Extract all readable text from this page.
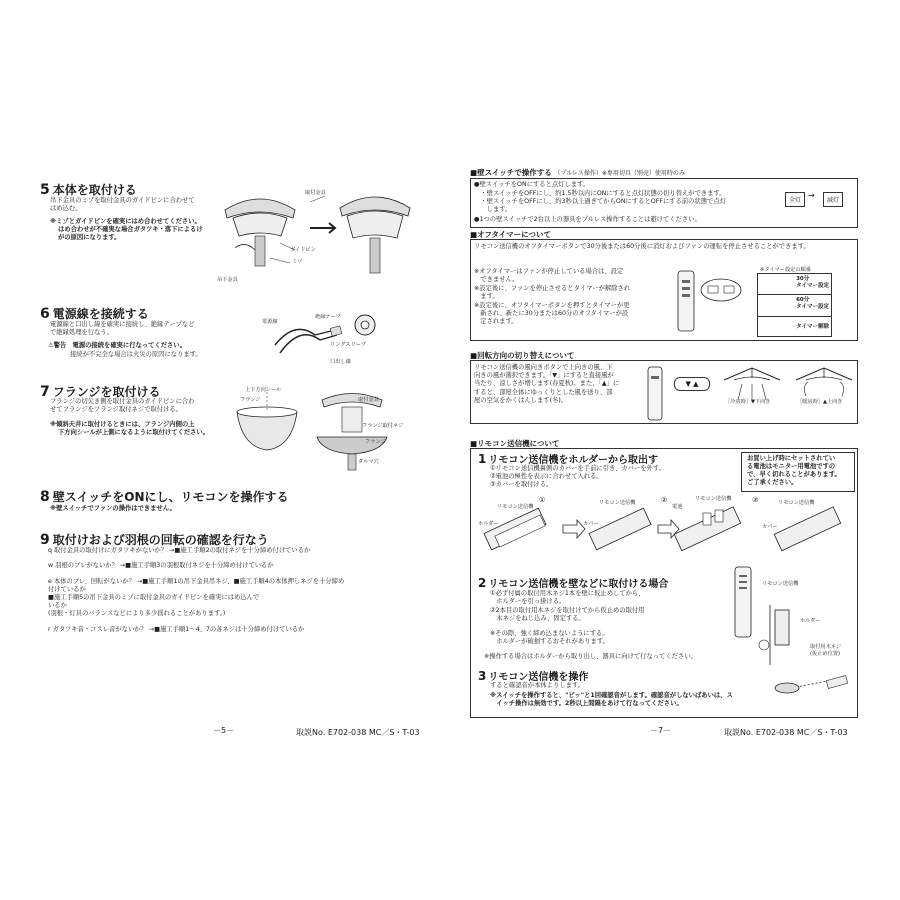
5 本体を取付ける
吊下金具のミゾを取付金具のガイドピンに合わせて
はめ込む。
※ミゾとガイドピンを確実にはめ合わせてください。
はめ合わせが不確実な場合ガタツキ・落下によるけ
がの原因になります。
取付金具
ガイドピン
ミゾ
吊下金具
6 電源線を接続する
電源線と口出し線を確実に接続し、絶縁テープなど
で絶縁処理を行なう。
⚠警告　電源の接続を確実に行なってください。
接続が不完全な場合は火災の原因になります。
電源線
絶縁テープ
リングスリーブ
口出し線
7 フランジを取付ける
フランジの切欠き側を取付金具のガイドピンに合わ
せてフランジをフランジ取付ネジで取付ける。
※傾斜天井に取付けるときには、フランジ内側の上
下方向シールが上側になるように取付けてください。
上下方向シール
フランジ	取付金具
フランジ取付ネジ
フランジ
ダルマ穴
8 壁スイッチをONにし、リモコンを操作する
※壁スイッチでファンの操作はできません。
9 取付けおよび羽根の回転の確認を行なう
q 取付金具の取付けにガタツキがないか？ →■施工手順2の取付ネジを十分締め付けているか
w 羽根のブレがないか？ →■施工手順3の羽根取付ネジを十分締め付けているか
e 本体のブレ、回転がないか？ →■施工手順1の吊下金具吊ネジ、■施工手順4の本体押しネジを十分締め
付けているか
■施工手順5の吊下金具のミゾに取付金具のガイドピンを確実にはめ込んで
いるか
(羽根・灯具のバランスなどにより多少揺れることがあります。)
r ガタツキ音・コスレ音がないか？ →■施工手順1～4、7の各ネジは十分締め付けているか
－5－	取説No. E702-038 MC／S・T-03
■壁スイッチで操作する （プルレス操作）※専用切具（別売）使用時のみ
●壁スイッチをONにすると点灯します。
　・壁スイッチをOFFにし、約1.5秒以内にONにすると点灯状態の切り替えができます。
　・壁スイッチをOFFにし、約3秒以上過ぎてからONにするとOFFにする前の状態で点灯
　　します。
●1つの壁スイッチで2台以上の器具をプルレス操作することは避けてください。
全灯
→
減灯
■オフタイマーについて
リモコン送信機のオフタイマーボタンで30分後または60分後に消灯およびファンの運転を停止させることができます。
※オフタイマーはファンが停止している場合は、設定
　できません。
※設定後に、ファンを停止させるとタイマーが解除され
　ます。
※設定後に、オフタイマーボタンを押すとタイマーが更
　新され、新たに30分または60分のオフタイマーが設
　定されます。
※タイマー設定の順番
30分
タイマー設定
60分
タイマー設定
タイマー解除
■回転方向の切り替えについて
リモコン送信機の風向きボタンで上向きの風、下
向きの風が選択できます。「▼」にすると直接風が
当たり、涼しさが増します(春夏秋)。また、「▲」に
すると、部屋全体にゆっくりとした風を送り、部
屋の空気をかくはんします(冬)。
▼ ▲
［冷房時］▼下向き	［暖房時］▲上向き
■リモコン送信機について
1 リモコン送信機をホルダーから取出す
①リモコン送信機裏側のカバーを手前に引き、カバーを外す。
②電池の極性を表示に合わせて入れる。
③カバーを取付ける。
お買い上げ時にセットされてい
る電池はモニター用電池ですの
で、早く切れることがあります。
ご了承ください。
リモコン送信機
ホルダー
①
カバー
リモコン送信機
電池
②	リモコン送信機	③	リモコン送信機
カバー
2 リモコン送信機を壁などに取付ける場合
①必ず付属の取付用木ネジ1本を壁に仮止めしてから、
　ホルダーを引っ掛ける。
②2本目の取付用木ネジを取付けてから仮止めの取付用
　木ネジをねじ込み、固定する。
※その際、強く締め込まないようにする。
　ホルダーが破損するおそれがあります。
※操作する場合はホルダーから取り出し、器具に向けて行なってください。
リモコン送信機
ホルダー
取付用木ネジ
(仮止め位置)
3 リモコン送信機を操作
すると確認音が本体よりします。
※スイッチを操作すると、"ピッ"と1回確認音がします。確認音がしないばあいは、ス
　イッチ操作は無効です。2秒以上間隔をあけて行なってください。
－7－	取説No. E702-038 MC／S・T-03
